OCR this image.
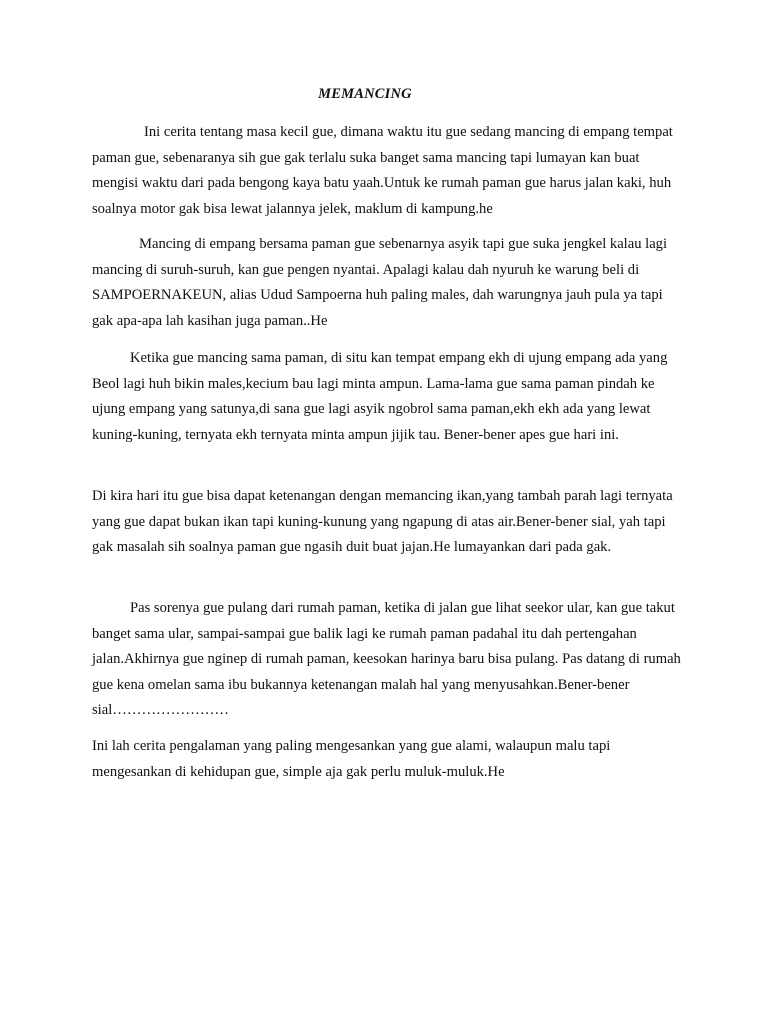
MEMANCING

Ini cerita tentang masa kecil gue, dimana waktu itu gue sedang mancing di empang tempat paman gue, sebenaranya sih gue gak terlalu suka banget sama mancing tapi lumayan kan buat mengisi waktu dari pada bengong kaya batu yaah.Untuk ke rumah paman gue harus jalan kaki, huh soalnya motor gak bisa lewat jalannya jelek, maklum di kampung.he

Mancing di empang bersama paman gue sebenarnya asyik tapi gue suka jengkel kalau lagi mancing di suruh-suruh, kan gue pengen nyantai. Apalagi kalau dah nyuruh ke warung beli di SAMPOERNAKEUN, alias Udud Sampoerna huh paling males, dah warungnya jauh pula ya tapi gak apa-apa lah kasihan juga paman..He

Ketika gue mancing sama paman, di situ kan tempat empang ekh di ujung empang ada yang Beol lagi huh bikin males,kecium bau lagi minta ampun. Lama-lama gue sama paman pindah ke ujung empang yang satunya,di sana gue lagi asyik ngobrol sama paman,ekh ekh ada yang lewat kuning-kuning, ternyata ekh ternyata minta ampun jijik tau. Bener-bener apes gue hari ini.

Di kira hari itu gue bisa dapat ketenangan dengan memancing ikan,yang tambah parah lagi ternyata yang gue dapat bukan ikan tapi kuning-kunung yang ngapung di atas air.Bener-bener sial, yah tapi gak masalah sih soalnya paman gue ngasih duit buat jajan.He lumayankan dari pada gak.

Pas sorenya gue pulang dari rumah paman, ketika di jalan gue lihat seekor ular, kan gue takut banget sama ular, sampai-sampai gue balik lagi ke rumah paman padahal itu dah pertengahan jalan.Akhirnya gue nginep di rumah paman, keesokan harinya baru bisa pulang. Pas datang di rumah gue kena omelan sama ibu bukannya ketenangan malah hal yang menyusahkan.Bener-bener sial……………………

Ini lah cerita pengalaman yang paling mengesankan yang gue alami, walaupun malu tapi mengesankan di kehidupan gue, simple aja gak perlu muluk-muluk.He
